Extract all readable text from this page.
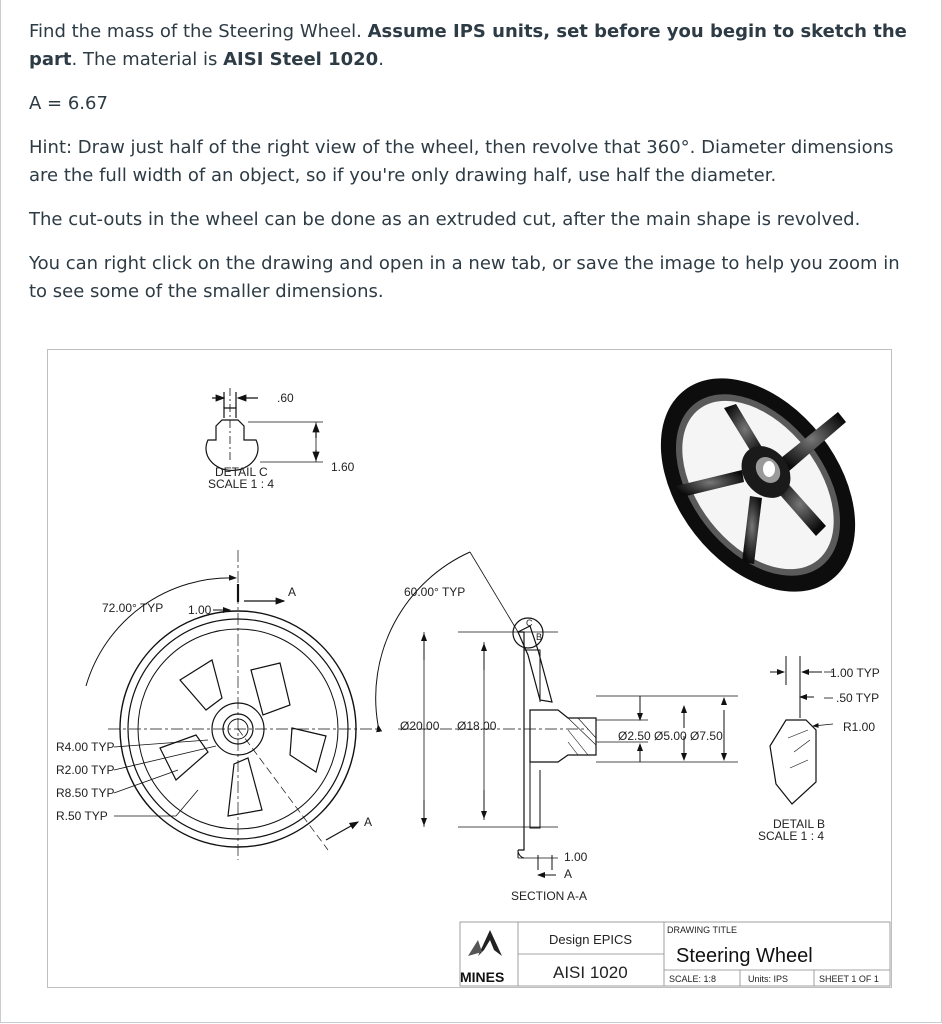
Find the mass of the Steering Wheel. Assume IPS units, set before you begin to sketch the part. The material is AISI Steel 1020.

A = 6.67

Hint: Draw just half of the right view of the wheel, then revolve that 360°. Diameter dimensions are the full width of an object, so if you're only drawing half, use half the diameter.

The cut-outs in the wheel can be done as an extruded cut, after the main shape is revolved.

You can right click on the drawing and open in a new tab, or save the image to help you zoom in to see some of the smaller dimensions.

.60
1.60
DETAIL C
SCALE 1 : 4
72.00° TYP 1.00
A
A
R4.00 TYP
R2.00 TYP
R8.50 TYP
R.50 TYP
60.00° TYP
Ø20.00 Ø18.00
Ø2.50 Ø5.00 Ø7.50
1.00
A
B
C
SECTION A-A
1.00 TYP
.50 TYP
R1.00
DETAIL B
SCALE 1 : 4
MINES
Design EPICS
AISI 1020
DRAWING TITLE
Steering Wheel
SCALE: 1:8	Units: IPS	SHEET 1 OF 1
